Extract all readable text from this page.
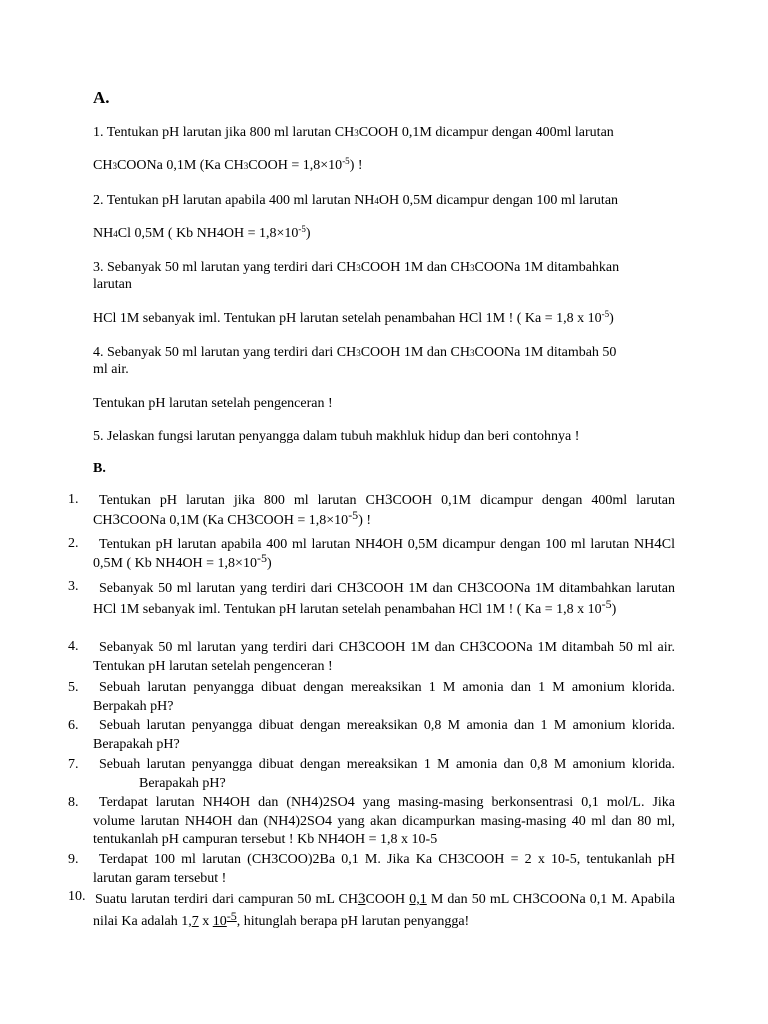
A.
1. Tentukan pH larutan jika 800 ml larutan CH3COOH 0,1M dicampur dengan 400ml larutan
CH3COONa 0,1M (Ka CH3COOH = $1,8\times 10^{-5}$) !
2. Tentukan pH larutan apabila 400 ml larutan NH4OH 0,5M dicampur dengan 100 ml larutan
NH4Cl 0,5M ( Kb $NH4OH = 1,8\times 10^{-5}$)
3. Sebanyak 50 ml larutan yang terdiri dari CH3COOH 1M dan CH3COONa 1M ditambahkan
larutan
HCl 1M sebanyak iml. Tentukan pH larutan setelah penambahan HCl 1M ! ( Ka = 1,8 x $10^{-5}$)
4. Sebanyak 50 ml larutan yang terdiri dari CH3COOH 1M dan CH3COONa 1M ditambah 50
ml air.
Tentukan pH larutan setelah pengenceran !
5. Jelaskan fungsi larutan penyangga dalam tubuh makhluk hidup dan beri contohnya !
B.
1.	Tentukan pH larutan jika 800 ml larutan CH3COOH 0,1M dicampur dengan 400ml larutan CH3COONa 0,1M (Ka CH3COOH = 1,8×10-5) !
2.	Tentukan pH larutan apabila 400 ml larutan NH4OH 0,5M dicampur dengan 100 ml larutan NH4Cl 0,5M ( Kb NH4OH = 1,8×10-5)
3.	Sebanyak 50 ml larutan yang terdiri dari CH3COOH 1M dan CH3COONa 1M ditambahkan larutan HCl 1M sebanyak iml. Tentukan pH larutan setelah penambahan HCl 1M ! ( Ka = 1,8 x 10-5)
4.	Sebanyak 50 ml larutan yang terdiri dari CH3COOH 1M dan CH3COONa 1M ditambah 50 ml air. Tentukan pH larutan setelah pengenceran !
5.	Sebuah larutan penyangga dibuat dengan mereaksikan 1 M amonia dan 1 M amonium klorida. Berpakah pH?
6.	Sebuah larutan penyangga dibuat dengan mereaksikan 0,8 M amonia dan 1 M amonium klorida. Berapakah pH?
7.	Sebuah larutan penyangga dibuat dengan mereaksikan 1 M amonia dan 0,8 M amonium klorida.Berapakah pH?
8.	Terdapat larutan NH4OH dan (NH4)2SO4 yang masing-masing berkonsentrasi 0,1 mol/L. Jika volume larutan NH4OH dan (NH4)2SO4 yang akan dicampurkan masing-masing 40 ml dan 80 ml, tentukanlah pH campuran tersebut ! Kb NH4OH = 1,8 x 10-5
9.	Terdapat 100 ml larutan (CH3COO)2Ba 0,1 M. Jika Ka CH3COOH = 2 x 10-5, tentukanlah pH larutan garam tersebut !
10. Suatu larutan terdiri dari campuran 50 mL CH3COOH 0,1 M dan 50 mL CH3COONa 0,1 M. Apabila nilai Ka adalah 1,7 x 10-5, hitunglah berapa pH larutan penyangga!
